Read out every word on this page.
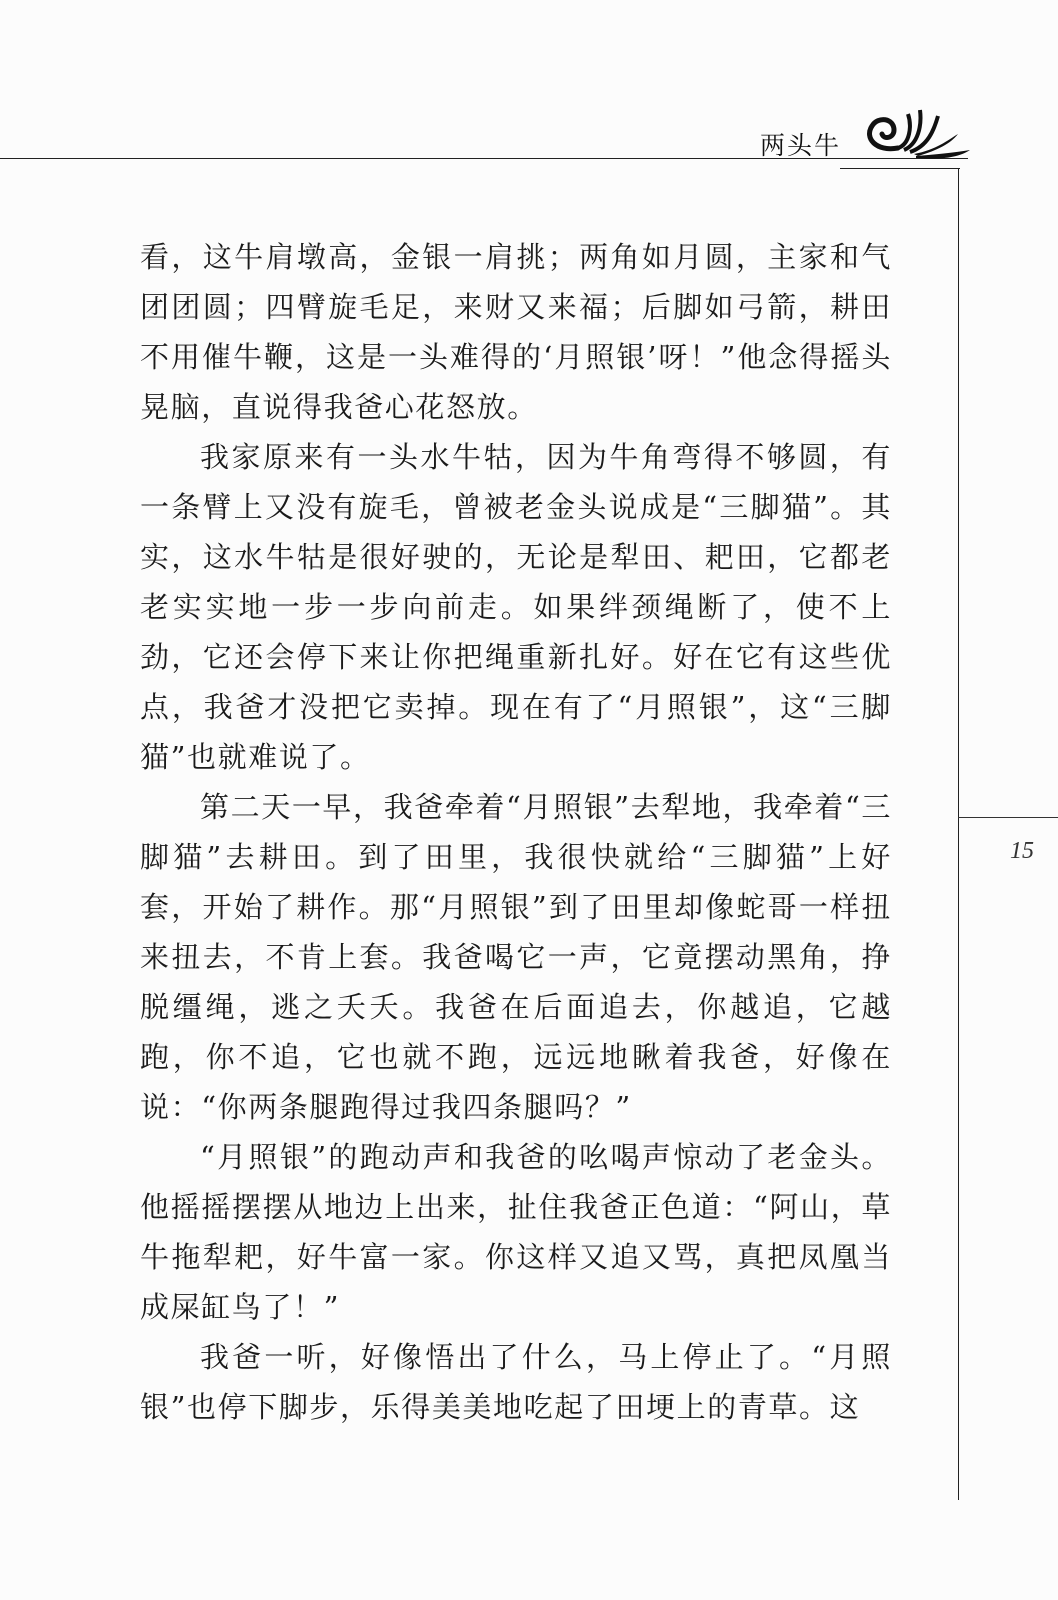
两头牛
15

看，这牛肩墩高，金银一肩挑；两角如月圆，主家和气团团圆；四臂旋毛足，来财又来福；后脚如弓箭，耕田不用催牛鞭，这是一头难得的‘月照银’呀！”他念得摇头晃脑，直说得我爸心花怒放。

我家原来有一头水牛牯，因为牛角弯得不够圆，有一条臂上又没有旋毛，曾被老金头说成是“三脚猫”。其实，这水牛牯是很好驶的，无论是犁田、耙田，它都老老实实地一步一步向前走。如果绊颈绳断了，使不上劲，它还会停下来让你把绳重新扎好。好在它有这些优点，我爸才没把它卖掉。现在有了“月照银”，这“三脚猫”也就难说了。

第二天一早，我爸牵着“月照银”去犁地，我牵着“三脚猫”去耕田。到了田里，我很快就给“三脚猫”上好套，开始了耕作。那“月照银”到了田里却像蛇哥一样扭来扭去，不肯上套。我爸喝它一声，它竟摆动黑角，挣脱缰绳，逃之夭夭。我爸在后面追去，你越追，它越跑，你不追，它也就不跑，远远地瞅着我爸，好像在说：“你两条腿跑得过我四条腿吗？”

“月照银”的跑动声和我爸的吆喝声惊动了老金头。他摇摇摆摆从地边上出来，扯住我爸正色道：“阿山，草牛拖犁耙，好牛富一家。你这样又追又骂，真把凤凰当成屎缸鸟了！”

我爸一听，好像悟出了什么，马上停止了。“月照银”也停下脚步，乐得美美地吃起了田埂上的青草。这
